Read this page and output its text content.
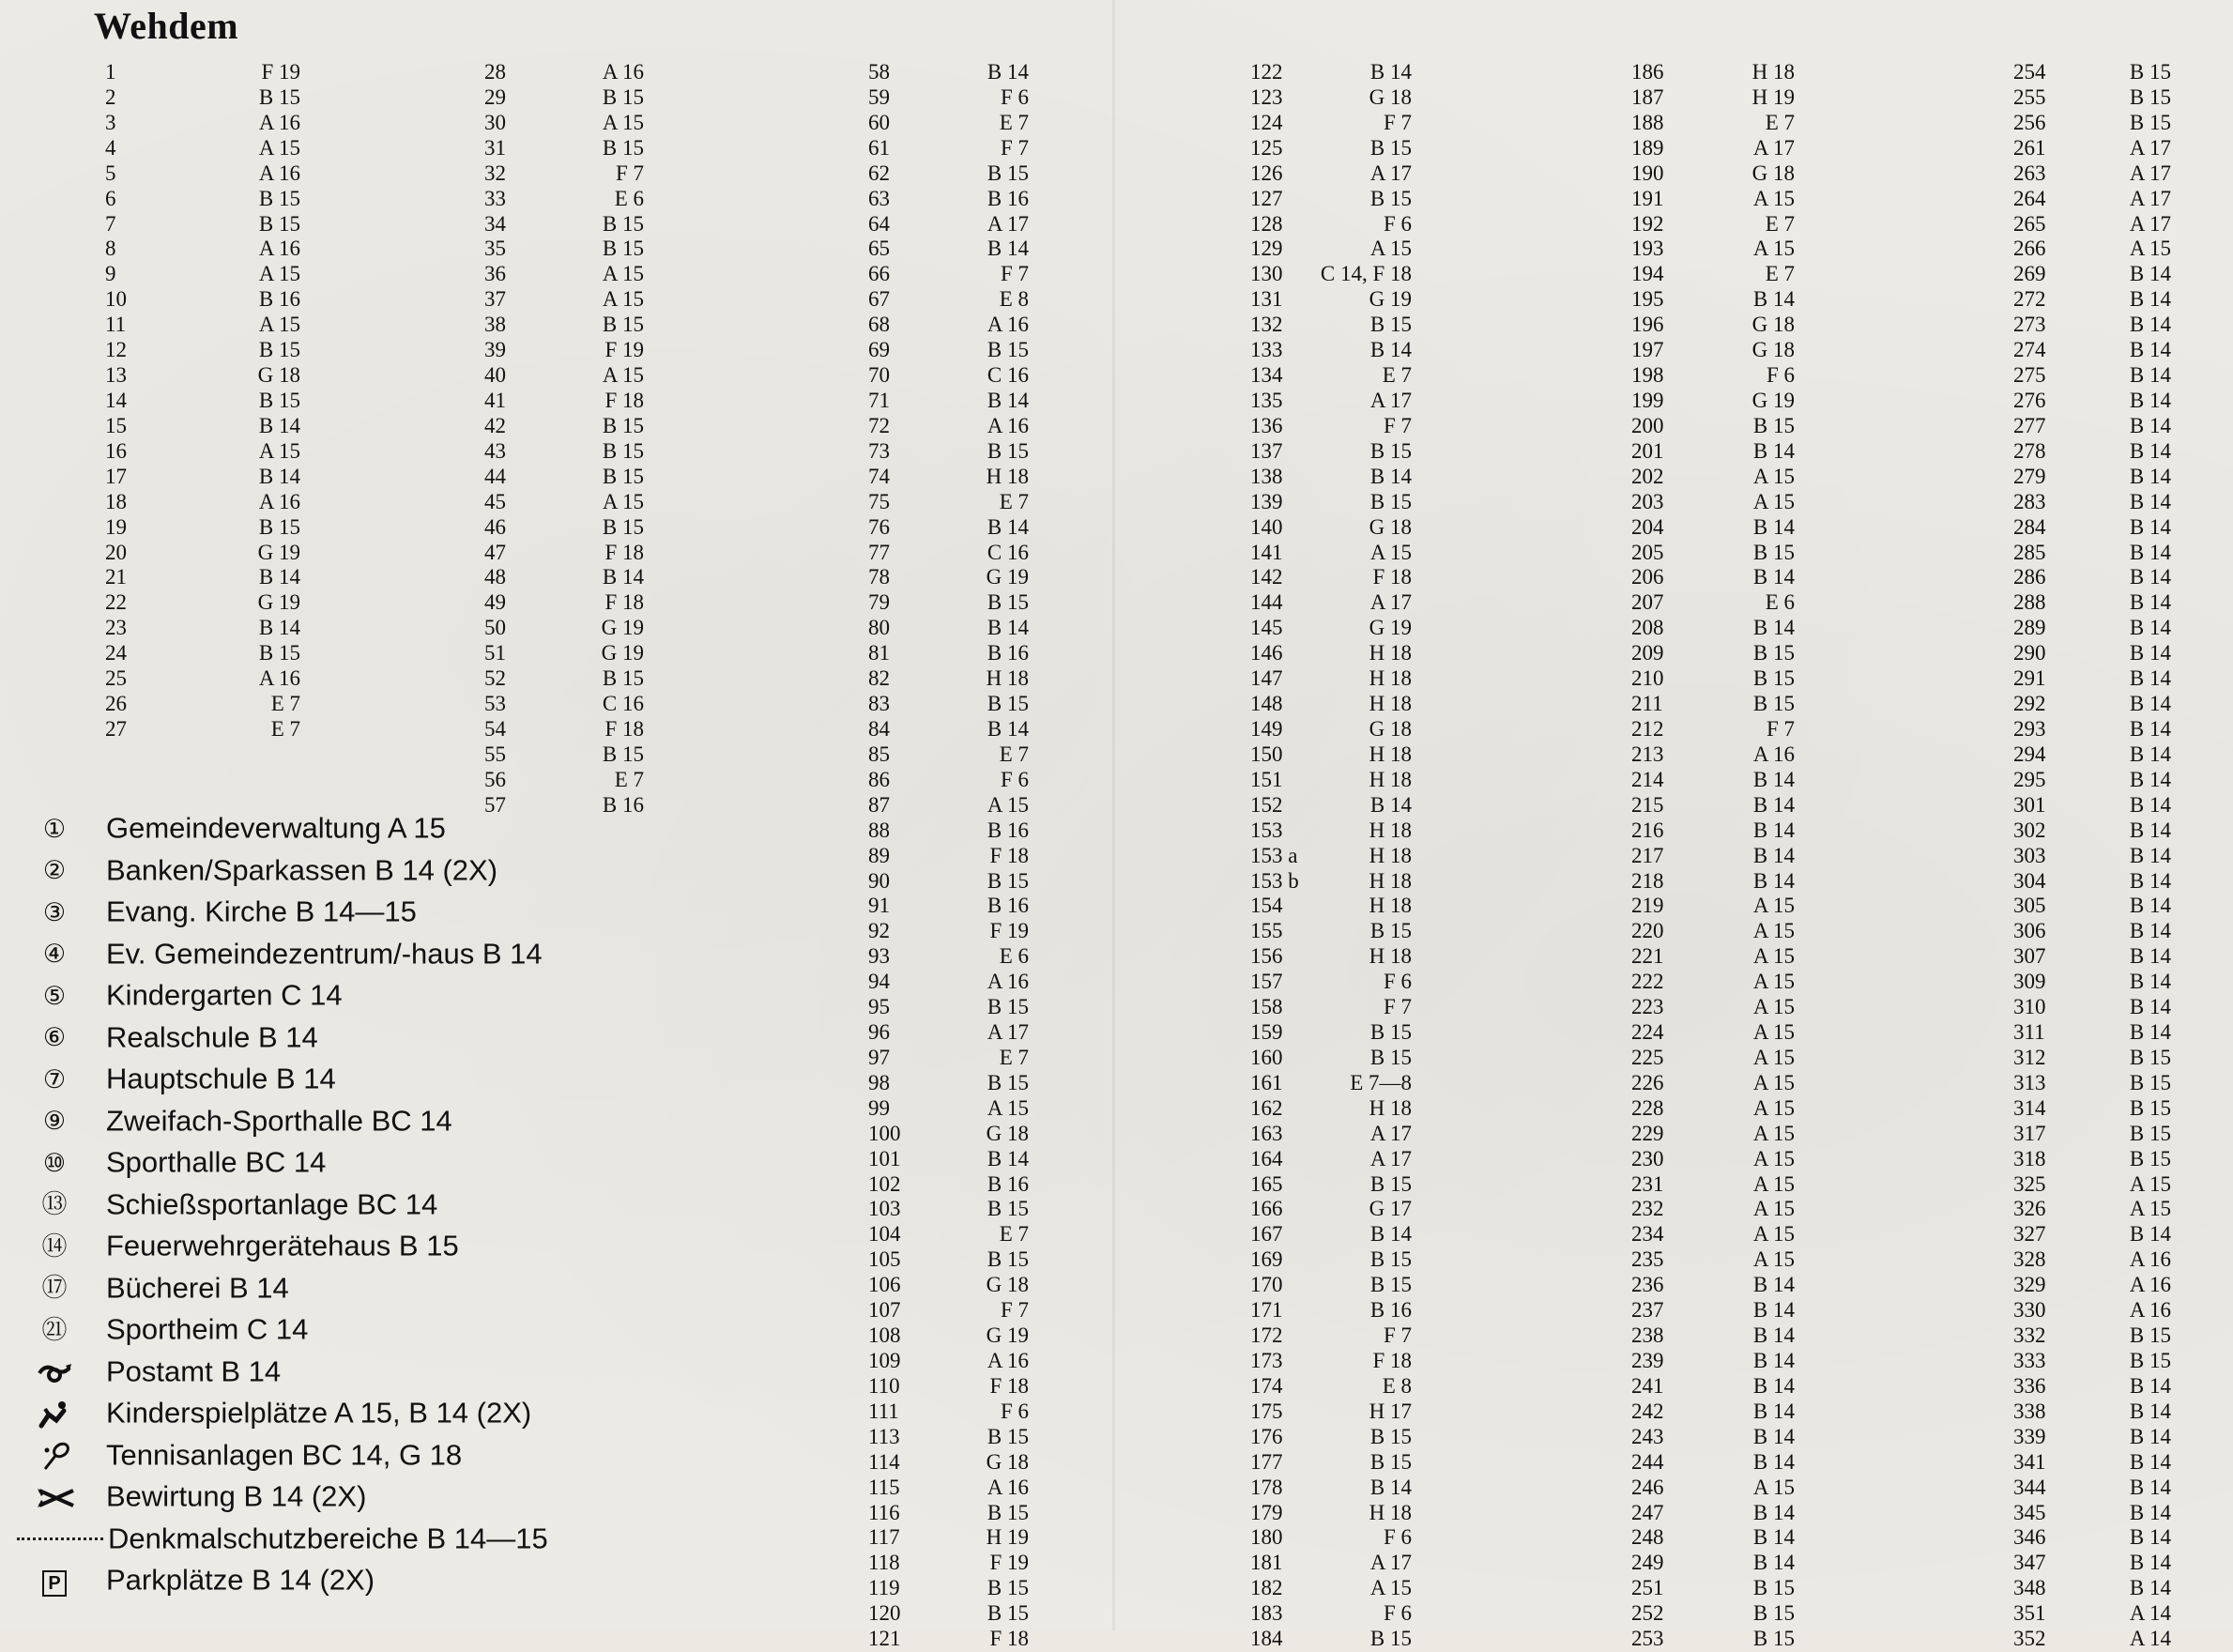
Wehdem
1	F 19
2	B 15
3	A 16
4	A 15
5	A 16
6	B 15
7	B 15
8	A 16
9	A 15
10	B 16
11	A 15
12	B 15
13	G 18
14	B 15
15	B 14
16	A 15
17	B 14
18	A 16
19	B 15
20	G 19
21	B 14
22	G 19
23	B 14
24	B 15
25	A 16
26	E 7
27	E 7
28	A 16
29	B 15
30	A 15
31	B 15
32	F 7
33	E 6
34	B 15
35	B 15
36	A 15
37	A 15
38	B 15
39	F 19
40	A 15
41	F 18
42	B 15
43	B 15
44	B 15
45	A 15
46	B 15
47	F 18
48	B 14
49	F 18
50	G 19
51	G 19
52	B 15
53	C 16
54	F 18
55	B 15
56	E 7
57	B 16
58	B 14
59	F 6
60	E 7
61	F 7
62	B 15
63	B 16
64	A 17
65	B 14
66	F 7
67	E 8
68	A 16
69	B 15
70	C 16
71	B 14
72	A 16
73	B 15
74	H 18
75	E 7
76	B 14
77	C 16
78	G 19
79	B 15
80	B 14
81	B 16
82	H 18
83	B 15
84	B 14
85	E 7
86	F 6
87	A 15
88	B 16
89	F 18
90	B 15
91	B 16
92	F 19
93	E 6
94	A 16
95	B 15
96	A 17
97	E 7
98	B 15
99	A 15
100	G 18
101	B 14
102	B 16
103	B 15
104	E 7
105	B 15
106	G 18
107	F 7
108	G 19
109	A 16
110	F 18
111	F 6
113	B 15
114	G 18
115	A 16
116	B 15
117	H 19
118	F 19
119	B 15
120	B 15
121	F 18
122	B 14
123	G 18
124	F 7
125	B 15
126	A 17
127	B 15
128	F 6
129	A 15
130 C 14, F 18
131	G 19
132	B 15
133	B 14
134	E 7
135	A 17
136	F 7
137	B 15
138	B 14
139	B 15
140	G 18
141	A 15
142	F 18
144	A 17
145	G 19
146	H 18
147	H 18
148	H 18
149	G 18
150	H 18
151	H 18
152	B 14
153	H 18
153 a	H 18
153 b	H 18
154	H 18
155	B 15
156	H 18
157	F 6
158	F 7
159	B 15
160	B 15
161	E 7—8
162	H 18
163	A 17
164	A 17
165	B 15
166	G 17
167	B 14
169	B 15
170	B 15
171	B 16
172	F 7
173	F 18
174	E 8
175	H 17
176	B 15
177	B 15
178	B 14
179	H 18
180	F 6
181	A 17
182	A 15
183	F 6
184	B 15
186	H 18
187	H 19
188	E 7
189	A 17
190	G 18
191	A 15
192	E 7
193	A 15
194	E 7
195	B 14
196	G 18
197	G 18
198	F 6
199	G 19
200	B 15
201	B 14
202	A 15
203	A 15
204	B 14
205	B 15
206	B 14
207	E 6
208	B 14
209	B 15
210	B 15
211	B 15
212	F 7
213	A 16
214	B 14
215	B 14
216	B 14
217	B 14
218	B 14
219	A 15
220	A 15
221	A 15
222	A 15
223	A 15
224	A 15
225	A 15
226	A 15
228	A 15
229	A 15
230	A 15
231	A 15
232	A 15
234	A 15
235	A 15
236	B 14
237	B 14
238	B 14
239	B 14
241	B 14
242	B 14
243	B 14
244	B 14
246	A 15
247	B 14
248	B 14
249	B 14
251	B 15
252	B 15
253	B 15
254	B 15
255	B 15
256	B 15
261	A 17
263	A 17
264	A 17
265	A 17
266	A 15
269	B 14
272	B 14
273	B 14
274	B 14
275	B 14
276	B 14
277	B 14
278	B 14
279	B 14
283	B 14
284	B 14
285	B 14
286	B 14
288	B 14
289	B 14
290	B 14
291	B 14
292	B 14
293	B 14
294	B 14
295	B 14
301	B 14
302	B 14
303	B 14
304	B 14
305	B 14
306	B 14
307	B 14
309	B 14
310	B 14
311	B 14
312	B 15
313	B 15
314	B 15
317	B 15
318	B 15
325	A 15
326	A 15
327	B 14
328	A 16
329	A 16
330	A 16
332	B 15
333	B 15
336	B 14
338	B 14
339	B 14
341	B 14
344	B 14
345	B 14
346	B 14
347	B 14
348	B 14
351	A 14
352	A 14
① Gemeindeverwaltung A 15
② Banken/Sparkassen B 14 (2X)
③ Evang. Kirche B 14—15
④ Ev. Gemeindezentrum/-haus B 14
⑤ Kindergarten C 14
⑥ Realschule B 14
⑦ Hauptschule B 14
⑨ Zweifach-Sporthalle BC 14
⑩ Sporthalle BC 14
⑬ Schießsportanlage BC 14
⑭ Feuerwehrgerätehaus B 15
⑰ Bücherei B 14
㉑ Sportheim C 14
Postamt B 14
Kinderspielplätze A 15, B 14 (2X)
Tennisanlagen BC 14, G 18
Bewirtung B 14 (2X)
Denkmalschutzbereiche B 14—15
P Parkplätze B 14 (2X)
